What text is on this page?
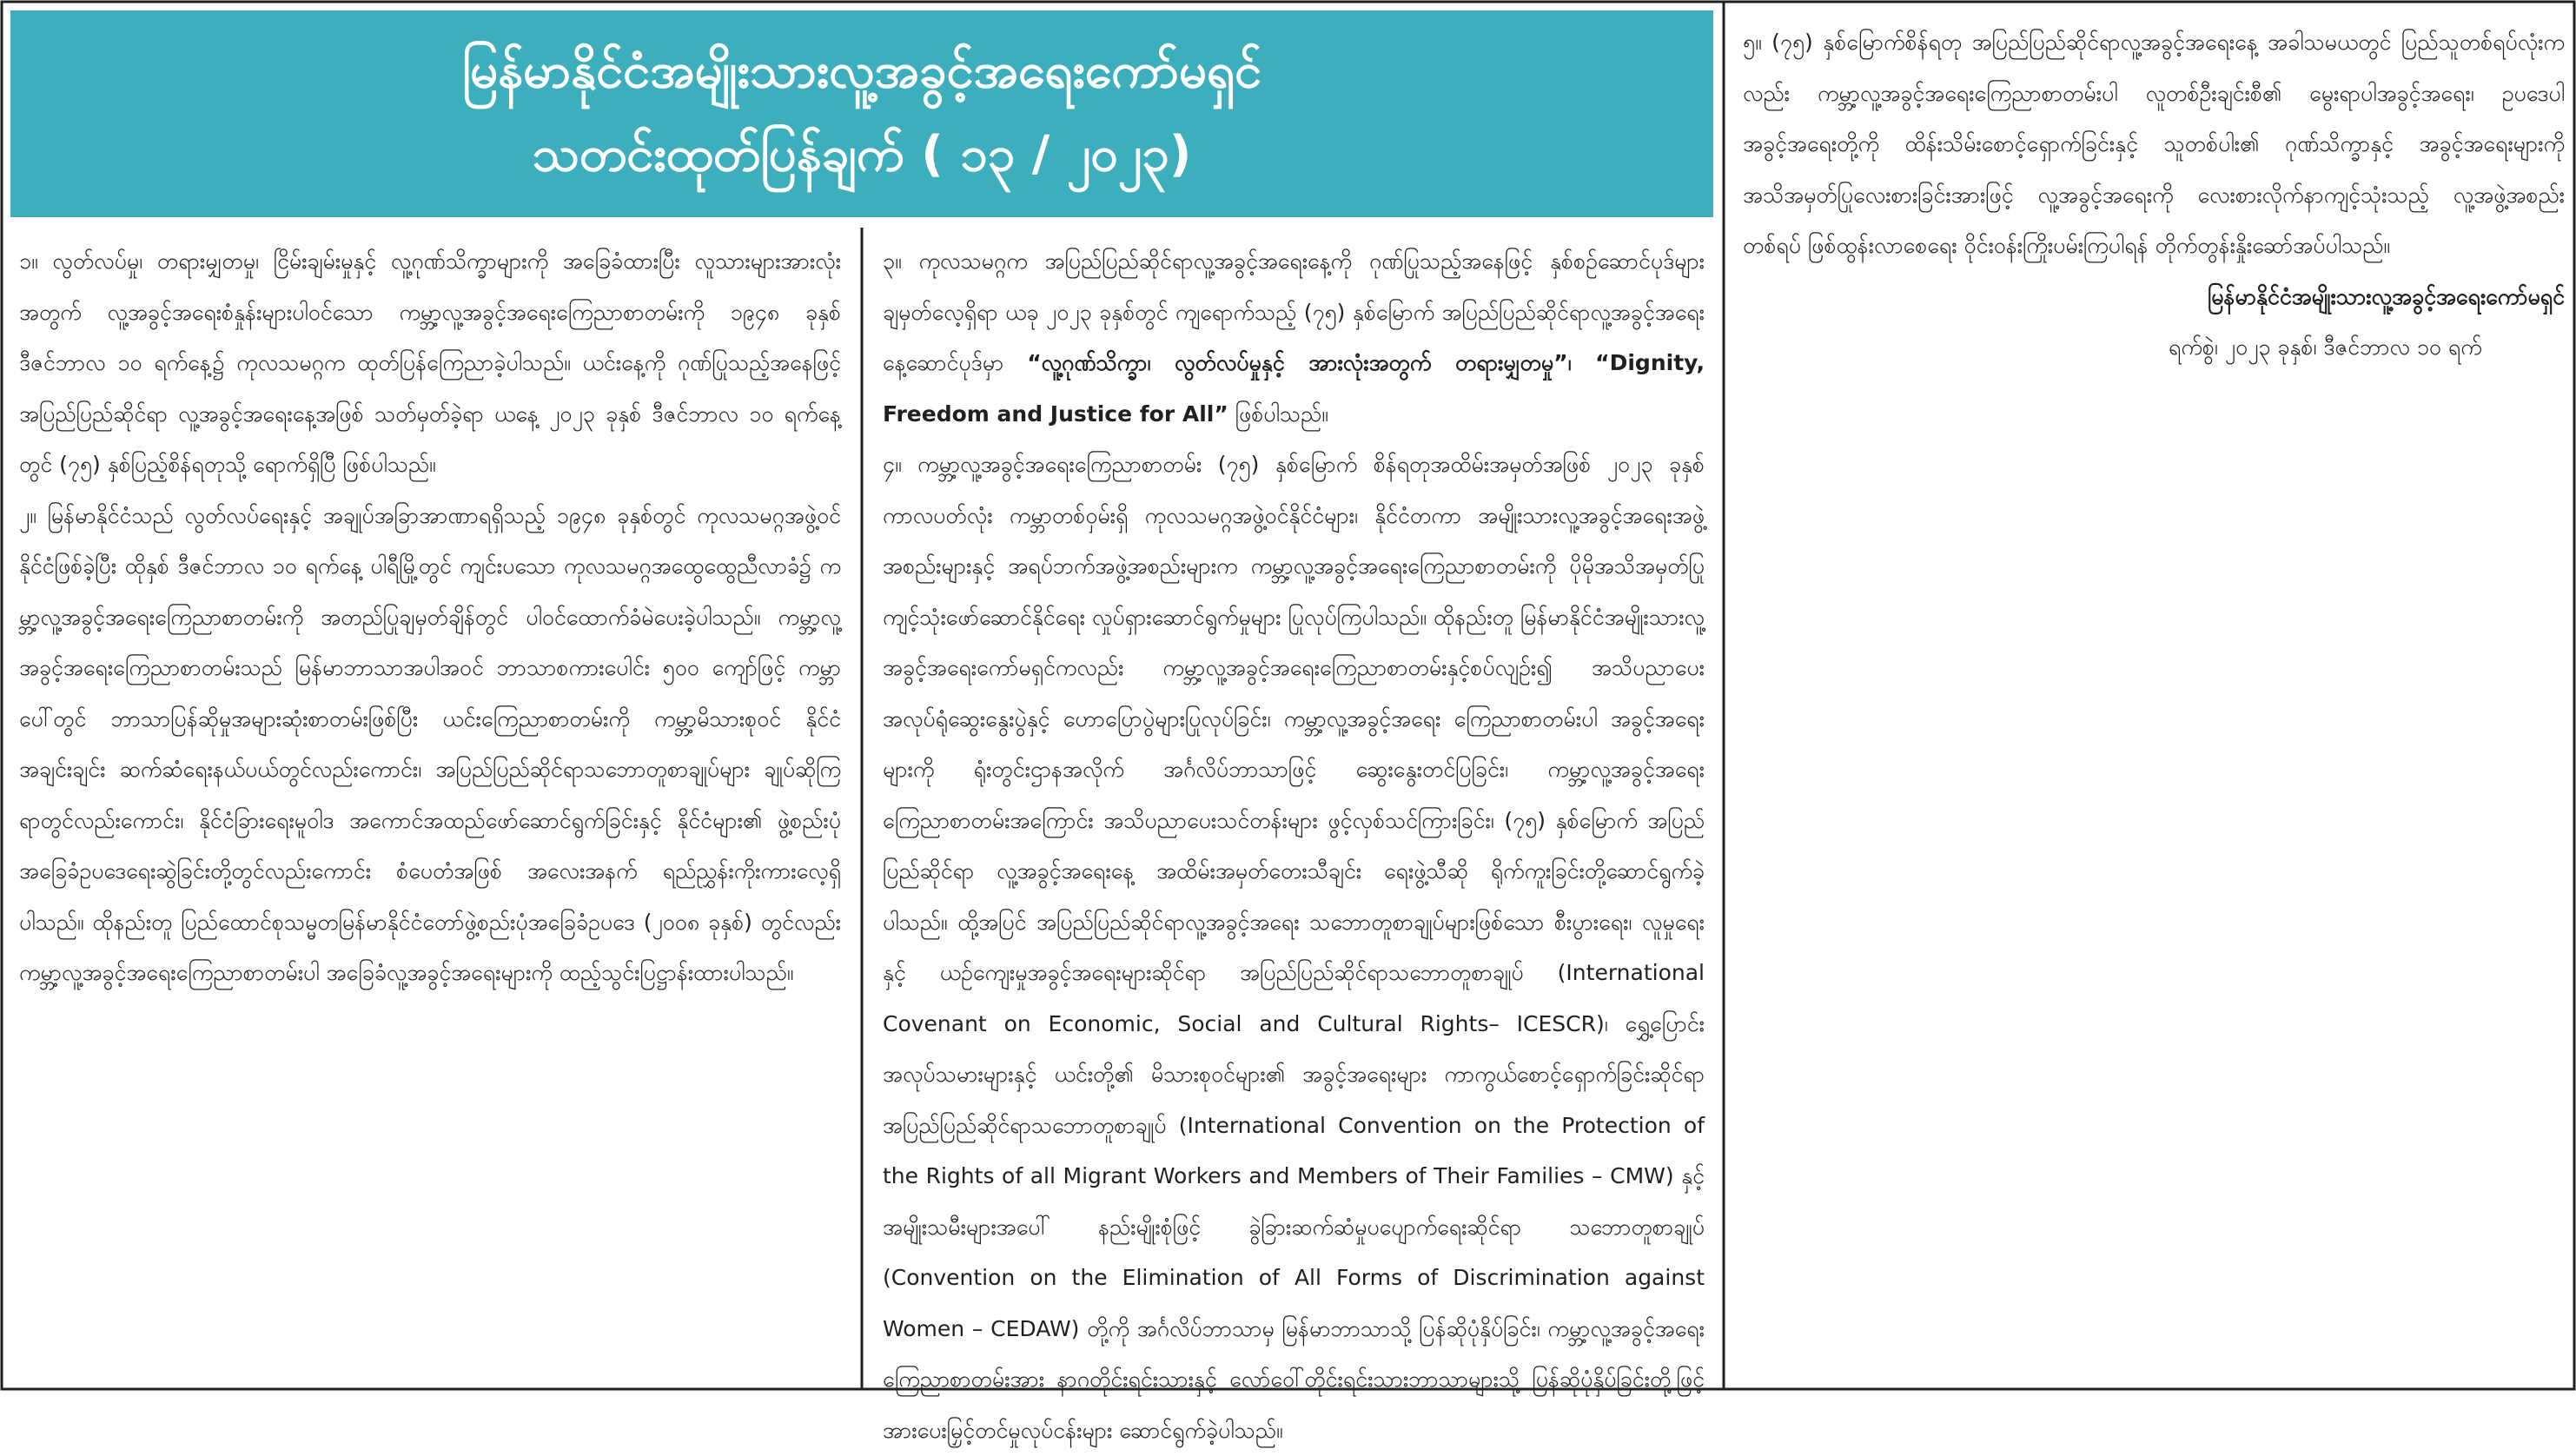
မြန်မာနိုင်ငံအမျိုးသားလူ့အခွင့်အရေးကော်မရှင်
သတင်းထုတ်ပြန်ချက် ( ၁၃ / ၂၀၂၃)

၁။ လွတ်လပ်မှု၊ တရားမျှတမှု၊ ငြိမ်းချမ်းမှုနှင့် လူ့ဂုဏ်သိက္ခာများကို အခြေခံထားပြီး လူသားများအားလုံးအတွက် လူ့အခွင့်အရေးစံနှုန်းများပါဝင်သော ကမ္ဘာ့လူ့အခွင့်အရေးကြေညာစာတမ်းကို ၁၉၄၈ ခုနှစ် ဒီဇင်ဘာလ ၁၀ ရက်နေ့၌ ကုလသမဂ္ဂက ထုတ်ပြန်ကြေညာခဲ့ပါသည်။ ယင်းနေ့ကို ဂုဏ်ပြုသည့်အနေဖြင့် အပြည်ပြည်ဆိုင်ရာ လူ့အခွင့်အရေးနေ့အဖြစ် သတ်မှတ်ခဲ့ရာ ယနေ့ ၂၀၂၃ ခုနှစ် ဒီဇင်ဘာလ ၁၀ ရက်နေ့တွင် (၇၅) နှစ်ပြည့်စိန်ရတုသို့ ရောက်ရှိပြီ ဖြစ်ပါသည်။

၂။ မြန်မာနိုင်ငံသည် လွတ်လပ်ရေးနှင့် အချုပ်အခြာအာဏာရရှိသည့် ၁၉၄၈ ခုနှစ်တွင် ကုလသမဂ္ဂအဖွဲ့ဝင်နိုင်ငံဖြစ်ခဲ့ပြီး ထိုနှစ် ဒီဇင်ဘာလ ၁၀ ရက်နေ့ ပါရီမြို့တွင် ကျင်းပသော ကုလသမဂ္ဂအထွေထွေညီလာခံ၌ ကမ္ဘာ့လူ့အခွင့်အရေးကြေညာစာတမ်းကို အတည်ပြုချမှတ်ချိန်တွင် ပါဝင်ထောက်ခံမဲပေးခဲ့ပါသည်။ ကမ္ဘာ့လူ့အခွင့်အရေးကြေညာစာတမ်းသည် မြန်မာဘာသာအပါအဝင် ဘာသာစကားပေါင်း ၅၀၀ ကျော်ဖြင့် ကမ္ဘာပေါ်တွင် ဘာသာပြန်ဆိုမှုအများဆုံးစာတမ်းဖြစ်ပြီး ယင်းကြေညာစာတမ်းကို ကမ္ဘာ့မိသားစုဝင် နိုင်ငံအချင်းချင်း ဆက်ဆံရေးနယ်ပယ်တွင်လည်းကောင်း၊ အပြည်ပြည်ဆိုင်ရာသဘောတူစာချုပ်များ ချုပ်ဆိုကြရာတွင်လည်းကောင်း၊ နိုင်ငံခြားရေးမူဝါဒ အကောင်အထည်ဖော်ဆောင်ရွက်ခြင်းနှင့် နိုင်ငံများ၏ ဖွဲ့စည်းပုံအခြေခံဥပဒေရေးဆွဲခြင်းတို့တွင်လည်းကောင်း စံပေတံအဖြစ် အလေးအနက် ရည်ညွှန်းကိုးကားလေ့ရှိပါသည်။ ထိုနည်းတူ ပြည်ထောင်စုသမ္မတမြန်မာနိုင်ငံတော်ဖွဲ့စည်းပုံအခြေခံဥပဒေ (၂၀၀၈ ခုနှစ်) တွင်လည်း ကမ္ဘာ့လူ့အခွင့်အရေးကြေညာစာတမ်းပါ အခြေခံလူ့အခွင့်အရေးများကို ထည့်သွင်းပြဋ္ဌာန်းထားပါသည်။

၃။ ကုလသမဂ္ဂက အပြည်ပြည်ဆိုင်ရာလူ့အခွင့်အရေးနေ့ကို ဂုဏ်ပြုသည့်အနေဖြင့် နှစ်စဉ်ဆောင်ပုဒ်များချမှတ်လေ့ရှိရာ ယခု ၂၀၂၃ ခုနှစ်တွင် ကျရောက်သည့် (၇၅) နှစ်မြောက် အပြည်ပြည်ဆိုင်ရာလူ့အခွင့်အရေးနေ့ဆောင်ပုဒ်မှာ “လူ့ဂုဏ်သိက္ခာ၊ လွတ်လပ်မှုနှင့် အားလုံးအတွက် တရားမျှတမှု”၊ “Dignity, Freedom and Justice for All” ဖြစ်ပါသည်။

၄။ ကမ္ဘာ့လူ့အခွင့်အရေးကြေညာစာတမ်း (၇၅) နှစ်မြောက် စိန်ရတုအထိမ်းအမှတ်အဖြစ် ၂၀၂၃ ခုနှစ် ကာလပတ်လုံး ကမ္ဘာတစ်ဝှမ်းရှိ ကုလသမဂ္ဂအဖွဲ့ဝင်နိုင်ငံများ၊ နိုင်ငံတကာ အမျိုးသားလူ့အခွင့်အရေးအဖွဲ့အစည်းများနှင့် အရပ်ဘက်အဖွဲ့အစည်းများက ကမ္ဘာ့လူ့အခွင့်အရေးကြေညာစာတမ်းကို ပိုမိုအသိအမှတ်ပြု ကျင့်သုံးဖော်ဆောင်နိုင်ရေး လှုပ်ရှားဆောင်ရွက်မှုများ ပြုလုပ်ကြပါသည်။ ထိုနည်းတူ မြန်မာနိုင်ငံအမျိုးသားလူ့အခွင့်အရေးကော်မရှင်ကလည်း ကမ္ဘာ့လူ့အခွင့်အရေးကြေညာစာတမ်းနှင့်စပ်လျဉ်း၍ အသိပညာပေးအလုပ်ရုံဆွေးနွေးပွဲနှင့် ဟောပြောပွဲများပြုလုပ်ခြင်း၊ ကမ္ဘာ့လူ့အခွင့်အရေး ကြေညာစာတမ်းပါ အခွင့်အရေးများကို ရုံးတွင်းဌာနအလိုက် အင်္ဂလိပ်ဘာသာဖြင့် ဆွေးနွေးတင်ပြခြင်း၊ ကမ္ဘာ့လူ့အခွင့်အရေး ကြေညာစာတမ်းအကြောင်း အသိပညာပေးသင်တန်းများ ဖွင့်လှစ်သင်ကြားခြင်း၊ (၇၅) နှစ်မြောက် အပြည်ပြည်ဆိုင်ရာ လူ့အခွင့်အရေးနေ့ အထိမ်းအမှတ်တေးသီချင်း ရေးဖွဲ့သီဆို ရိုက်ကူးခြင်းတို့ဆောင်ရွက်ခဲ့ပါသည်။ ထို့အပြင် အပြည်ပြည်ဆိုင်ရာလူ့အခွင့်အရေး သဘောတူစာချုပ်များဖြစ်သော စီးပွားရေး၊ လူမှုရေးနှင့် ယဉ်ကျေးမှုအခွင့်အရေးများဆိုင်ရာ အပြည်ပြည်ဆိုင်ရာသဘောတူစာချုပ် (International Covenant on Economic, Social and Cultural Rights– ICESCR)၊ ရွှေ့ပြောင်းအလုပ်သမားများနှင့် ယင်းတို့၏ မိသားစုဝင်များ၏ အခွင့်အရေးများ ကာကွယ်စောင့်ရှောက်ခြင်းဆိုင်ရာ အပြည်ပြည်ဆိုင်ရာသဘောတူစာချုပ် (International Convention on the Protection of the Rights of all Migrant Workers and Members of Their Families – CMW) နှင့် အမျိုးသမီးများအပေါ် နည်းမျိုးစုံဖြင့် ခွဲခြားဆက်ဆံမှုပပျောက်ရေးဆိုင်ရာ သဘောတူစာချုပ် (Convention on the Elimination of All Forms of Discrimination against Women – CEDAW) တို့ကို အင်္ဂလိပ်ဘာသာမှ မြန်မာဘာသာသို့ ပြန်ဆိုပုံနှိပ်ခြင်း၊ ကမ္ဘာ့လူ့အခွင့်အရေး ကြေညာစာတမ်းအား နာဂတိုင်းရင်းသားနှင့် လော်ဝေါ်တိုင်းရင်းသားဘာသာများသို့ ပြန်ဆိုပုံနှိပ်ခြင်းတို့ဖြင့် အားပေးမြှင့်တင်မှုလုပ်ငန်းများ ဆောင်ရွက်ခဲ့ပါသည်။

၅။ (၇၅) နှစ်မြောက်စိန်ရတု အပြည်ပြည်ဆိုင်ရာလူ့အခွင့်အရေးနေ့ အခါသမယတွင် ပြည်သူတစ်ရပ်လုံးကလည်း ကမ္ဘာ့လူ့အခွင့်အရေးကြေညာစာတမ်းပါ လူတစ်ဦးချင်းစီ၏ မွေးရာပါအခွင့်အရေး၊ ဥပဒေပါအခွင့်အရေးတို့ကို ထိန်းသိမ်းစောင့်ရှောက်ခြင်းနှင့် သူတစ်ပါး၏ ဂုဏ်သိက္ခာနှင့် အခွင့်အရေးများကို အသိအမှတ်ပြုလေးစားခြင်းအားဖြင့် လူ့အခွင့်အရေးကို လေးစားလိုက်နာကျင့်သုံးသည့် လူ့အဖွဲ့အစည်းတစ်ရပ် ဖြစ်ထွန်းလာစေရေး ဝိုင်းဝန်းကြိုးပမ်းကြပါရန် တိုက်တွန်းနှိုးဆော်အပ်ပါသည်။

မြန်မာနိုင်ငံအမျိုးသားလူ့အခွင့်အရေးကော်မရှင်

ရက်စွဲ၊ ၂၀၂၃ ခုနှစ်၊ ဒီဇင်ဘာလ ၁၀ ရက်
